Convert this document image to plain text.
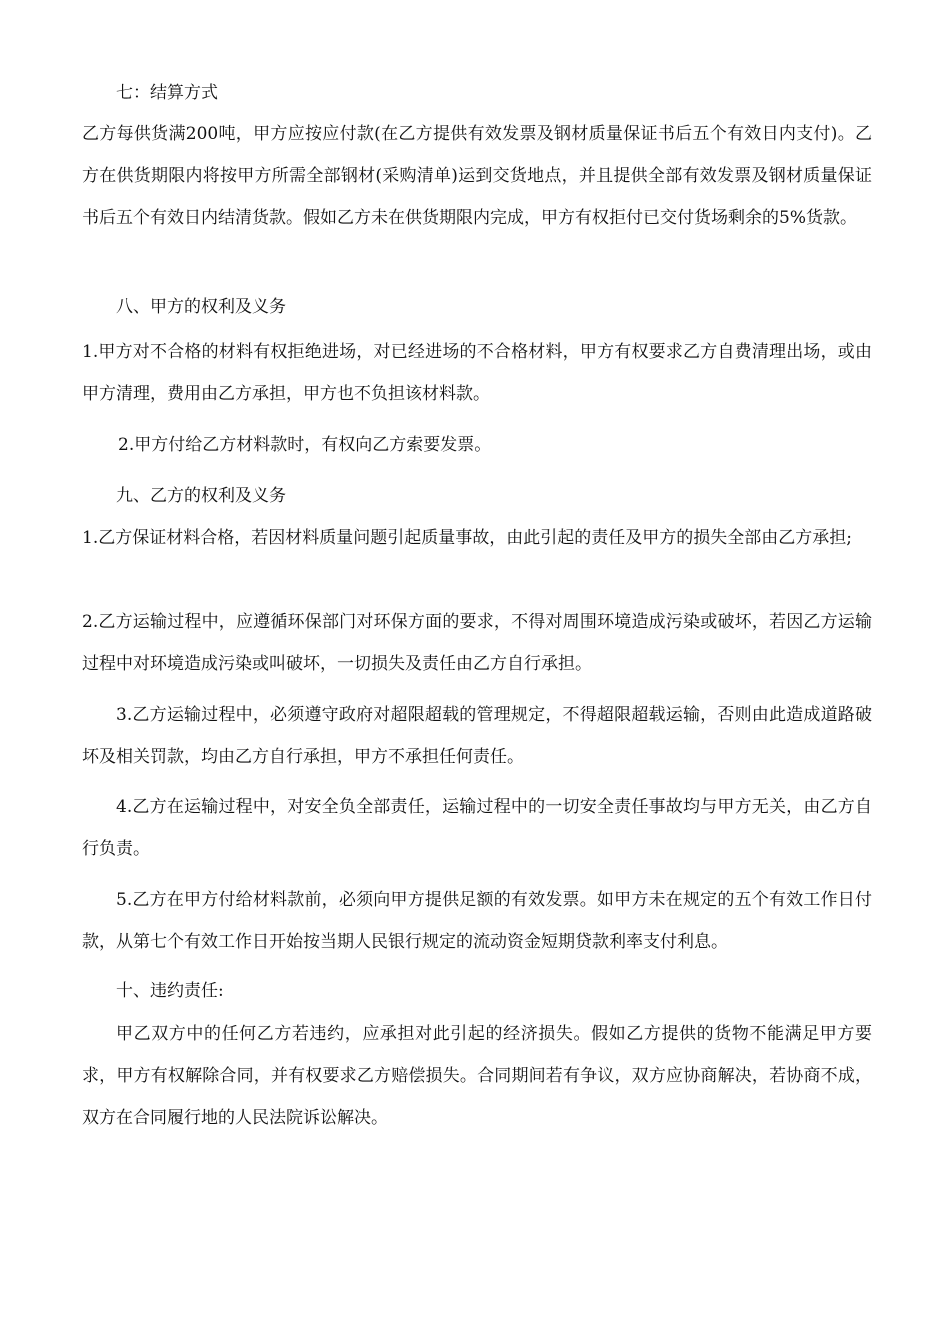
七：结算方式

乙方每供货满200吨，甲方应按应付款(在乙方提供有效发票及钢材质量保证书后五个有效日内支付)。乙方在供货期限内将按甲方所需全部钢材(采购清单)运到交货地点，并且提供全部有效发票及钢材质量保证书后五个有效日内结清货款。假如乙方未在供货期限内完成，甲方有权拒付已交付货场剩余的5%货款。

八、甲方的权利及义务

1.甲方对不合格的材料有权拒绝进场，对已经进场的不合格材料，甲方有权要求乙方自费清理出场，或由甲方清理，费用由乙方承担，甲方也不负担该材料款。

2.甲方付给乙方材料款时，有权向乙方索要发票。

九、乙方的权利及义务

1.乙方保证材料合格，若因材料质量问题引起质量事故，由此引起的责任及甲方的损失全部由乙方承担;

2.乙方运输过程中，应遵循环保部门对环保方面的要求，不得对周围环境造成污染或破坏，若因乙方运输过程中对环境造成污染或叫破坏，一切损失及责任由乙方自行承担。

3.乙方运输过程中，必须遵守政府对超限超载的管理规定，不得超限超载运输，否则由此造成道路破坏及相关罚款，均由乙方自行承担，甲方不承担任何责任。

4.乙方在运输过程中，对安全负全部责任，运输过程中的一切安全责任事故均与甲方无关，由乙方自行负责。

5.乙方在甲方付给材料款前，必须向甲方提供足额的有效发票。如甲方未在规定的五个有效工作日付款，从第七个有效工作日开始按当期人民银行规定的流动资金短期贷款利率支付利息。

十、违约责任:

甲乙双方中的任何乙方若违约，应承担对此引起的经济损失。假如乙方提供的货物不能满足甲方要求，甲方有权解除合同，并有权要求乙方赔偿损失。合同期间若有争议，双方应协商解决，若协商不成，双方在合同履行地的人民法院诉讼解决。
